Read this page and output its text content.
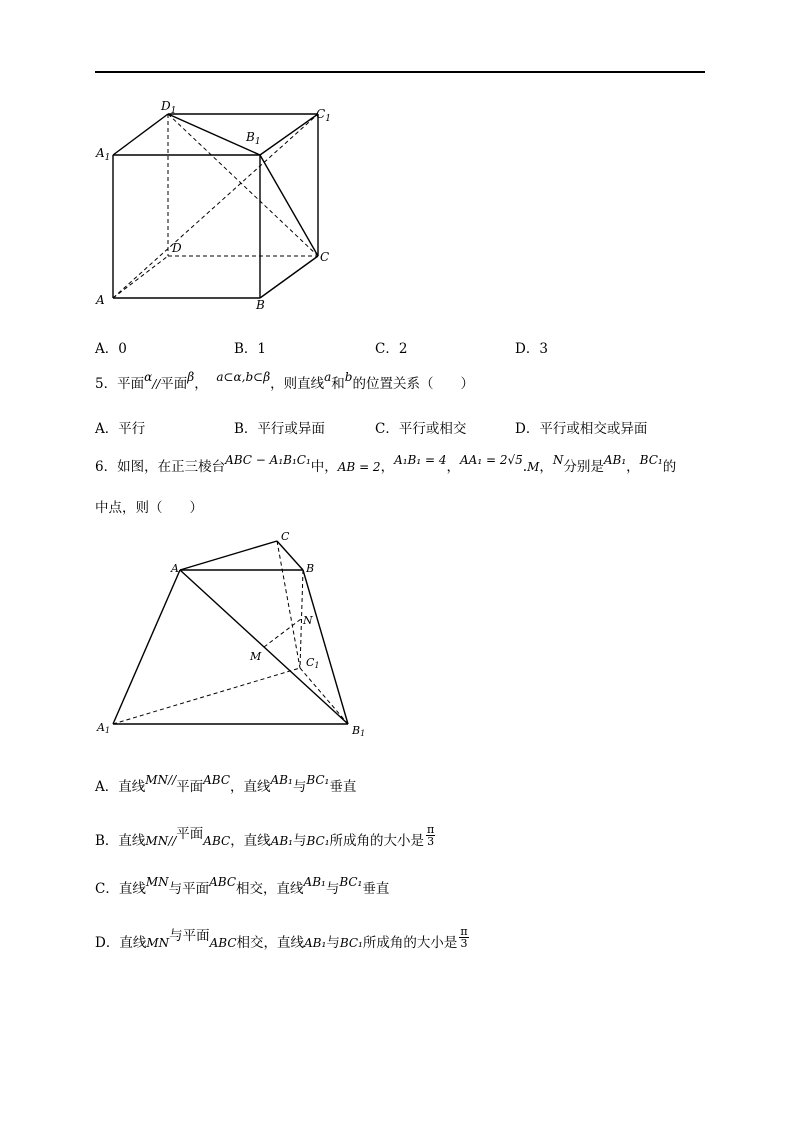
$D_1$	$C_1$
$B_1$
$A_1$
D
C
A	B
A．0	B．1	C．2	D．3
5．平面α//平面β， a⊂α,b⊂β，则直线a和b的位置关系（　　）
A．平行	B．平行或异面	C．平行或相交	D．平行或相交或异面
6．如图，在正三棱台ABC − A₁B₁C₁中，AB = 2，A₁B₁ = 4，AA₁ = 2√5.M，N分别是AB₁，BC₁的
中点，则（　　）
C
A	B
N
M	C1
A1	B1
A．直线MN//平面ABC，直线AB₁与BC₁垂直
B．直线MN//平面ABC，直线AB₁与BC₁所成角的大小是 $\frac{\pi}{3}$
C．直线MN与平面ABC相交，直线AB₁与BC₁垂直
D．直线MN与平面ABC相交，直线AB₁与BC₁所成角的大小是 $\frac{\pi}{3}$
